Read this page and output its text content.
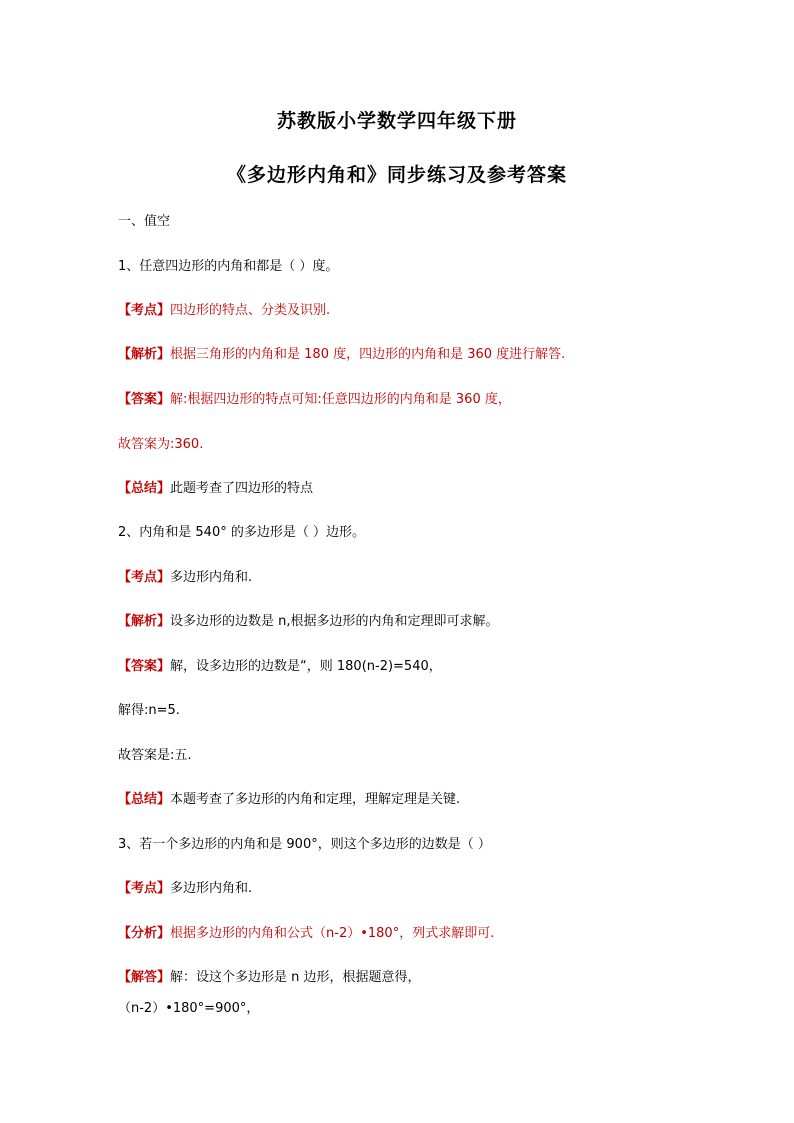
苏教版小学数学四年级下册
《多边形内角和》同步练习及参考答案
一、值空
1、任意四边形的内角和都是（ ）度。
【考点】四边形的特点、分类及识别.
【解析】根据三角形的内角和是 180 度，四边形的内角和是 360 度进行解答.
【答案】解:根据四边形的特点可知:任意四边形的内角和是 360 度，
故答案为:360.
【总结】此题考查了四边形的特点
2、内角和是 540° 的多边形是（ ）边形。
【考点】多边形内角和.
【解析】设多边形的边数是 n,根据多边形的内角和定理即可求解。
【答案】解，设多边形的边数是“，则 180(n-2)=540，
解得:n=5.
故答案是:五.
【总结】本题考查了多边形的内角和定理，理解定理是关键.
3、若一个多边形的内角和是 900°，则这个多边形的边数是（ ）
【考点】多边形内角和.
【分析】根据多边形的内角和公式（n-2）•180°，列式求解即可.
【解答】解：设这个多边形是 n 边形，根据题意得，
（n-2）•180°=900°，
